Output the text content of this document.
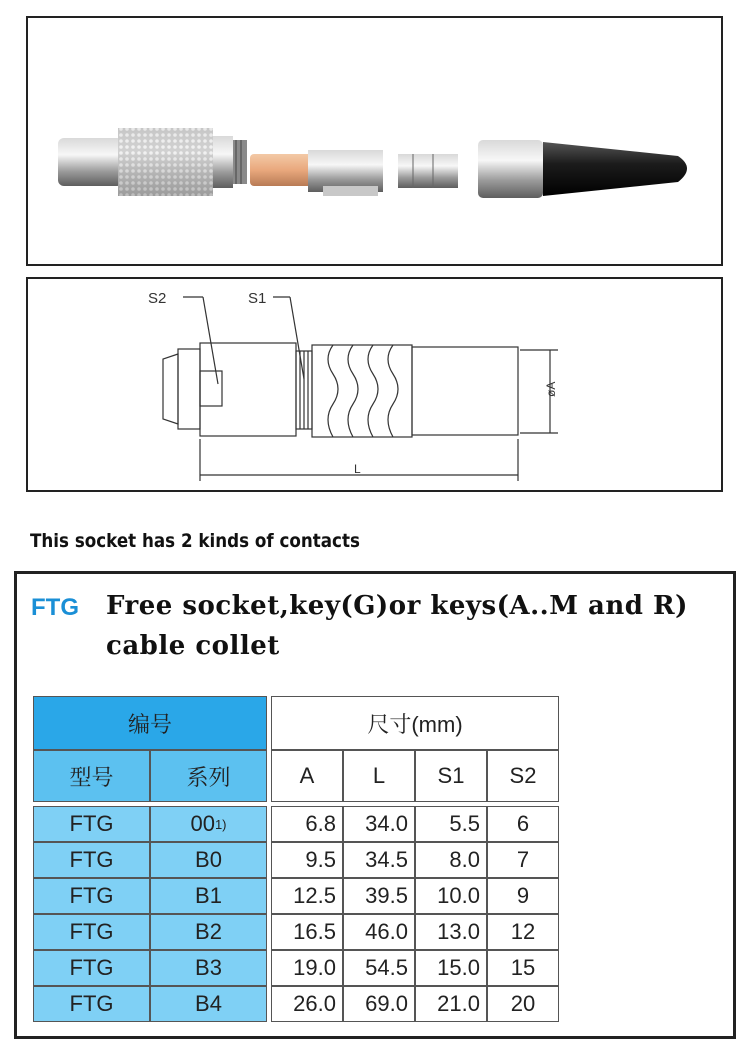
S2	S1
øA
L
This socket has 2 kinds of contacts
FTG Free socket,key(G)or keys(A..M and R) cable collet
编号	尺寸(mm)
型号	系列	A	L	S1	S2
FTG	00 1)	6.8 34.0 5.5 6
FTG	B0	9.5 34.5 8.0 7
FTG	B1	12.5 39.5 10.0 9
FTG	B2	16.5 46.0 13.0 12
FTG	B3	19.0 54.5 15.0 15
FTG	B4	26.0 69.0 21.0 20
